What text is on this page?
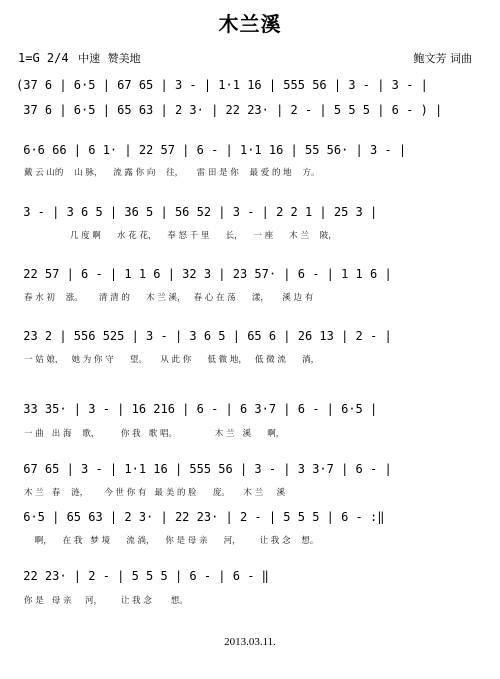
木兰溪
1=G 2/4 中速 赞美地	鲍文芳 词曲
(37 6 | 6·5 | 67 6̇5 | 3 - | 1·1 16 | 555 56 | 3 - | 3 - |
37 6 | 6·5 | 65 63 | 2 3· | 22 23· | 2 - | 5 5 5 | 6 - ) |
6·6 66 | 6 1· | 22 57 | 6 - | 1·1 16 | 55 56· | 3 - |
戴 云 山的    山 脉，    流 露 你 向    往，     雷 田 是 你    最 爱 的 地    方。
3 - | 3 6 5 | 36 5 | 56 52 | 3 - | 2 2 1 | 25 3 |
几 度 啊      水 花 花，    奉 怒 千 里      长，    一 座      木 兰    陂，
22 57 | 6 - | 1 1 6 | 32 3 | 23 57· | 6 - | 1 1 6 |
春 水 初    涨。      清 清 的      木 兰 溪，   春 心 在 荡      漾，     溪 边 有
23 2 | 556 525 | 3 - | 3 6 5 | 65 6 | 26 13 | 2 - |
一 姑 娘，   她 为 你 守      望。     从 此 你      低 微 地，   低 微 流      淌，
33 35· | 3 - | 16 216 | 6 - | 6 3·7 | 6 - | 6·5 |
一 曲   出 海    歌，        你 我   歌 唱。              木 兰   溪      啊，
67 6̇5 | 3 - | 1·1 16 | 555 56 | 3 - | 3 3·7 | 6 - |
木 兰   春    涟，      今 世 你 有   最 美 的 脸      庞。     木 兰     溪
6·5 | 65 63 | 2 3· | 22 23· | 2 - | 5 5 5 | 6 - :‖
啊，    在 我   梦 境      流 淌，    你 是 母 亲      河，       让 我 念    想。
22 23· | 2 - | 5 5 5 | 6 - | 6 - ‖
你 是   母 亲     河，       让 我 念       想。
2013.03.11.
